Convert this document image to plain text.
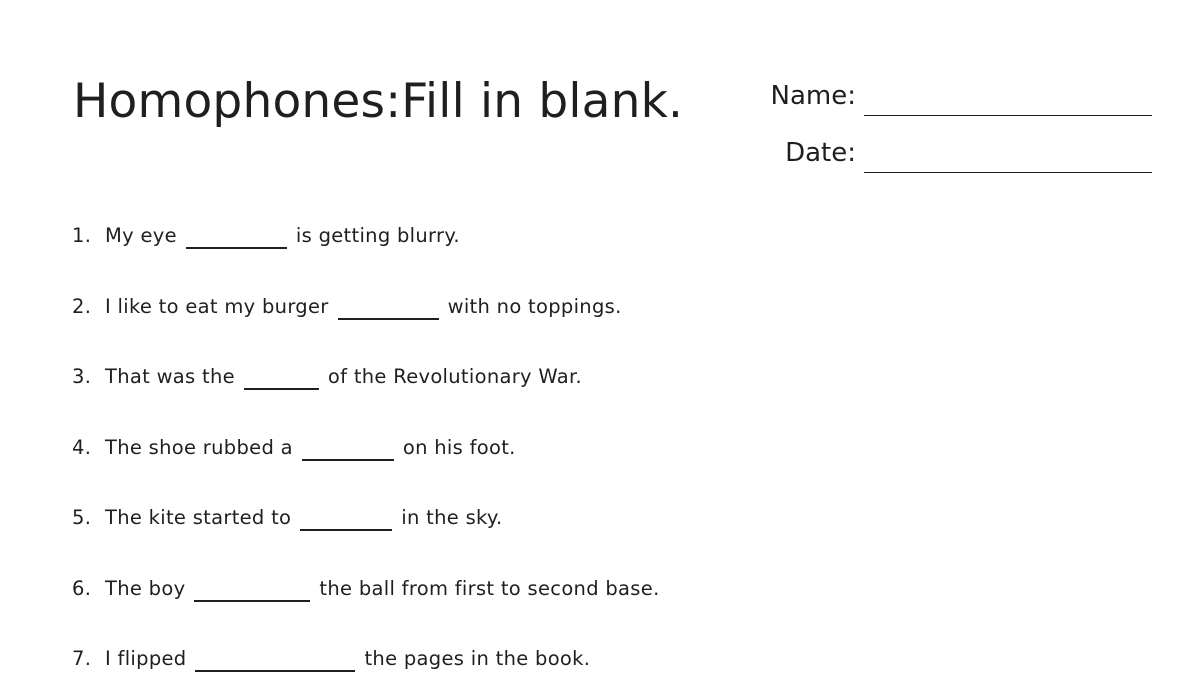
Homophones:Fill in blank.	Name:
Date:
1. My eye	is getting blurry.
2. I like to eat my burger	with no toppings.
3. That was the	of the Revolutionary War.
4. The shoe rubbed a	on his foot.
5. The kite started to	in the sky.
6. The boy	the ball from first to second base.
7. I flipped	the pages in the book.
